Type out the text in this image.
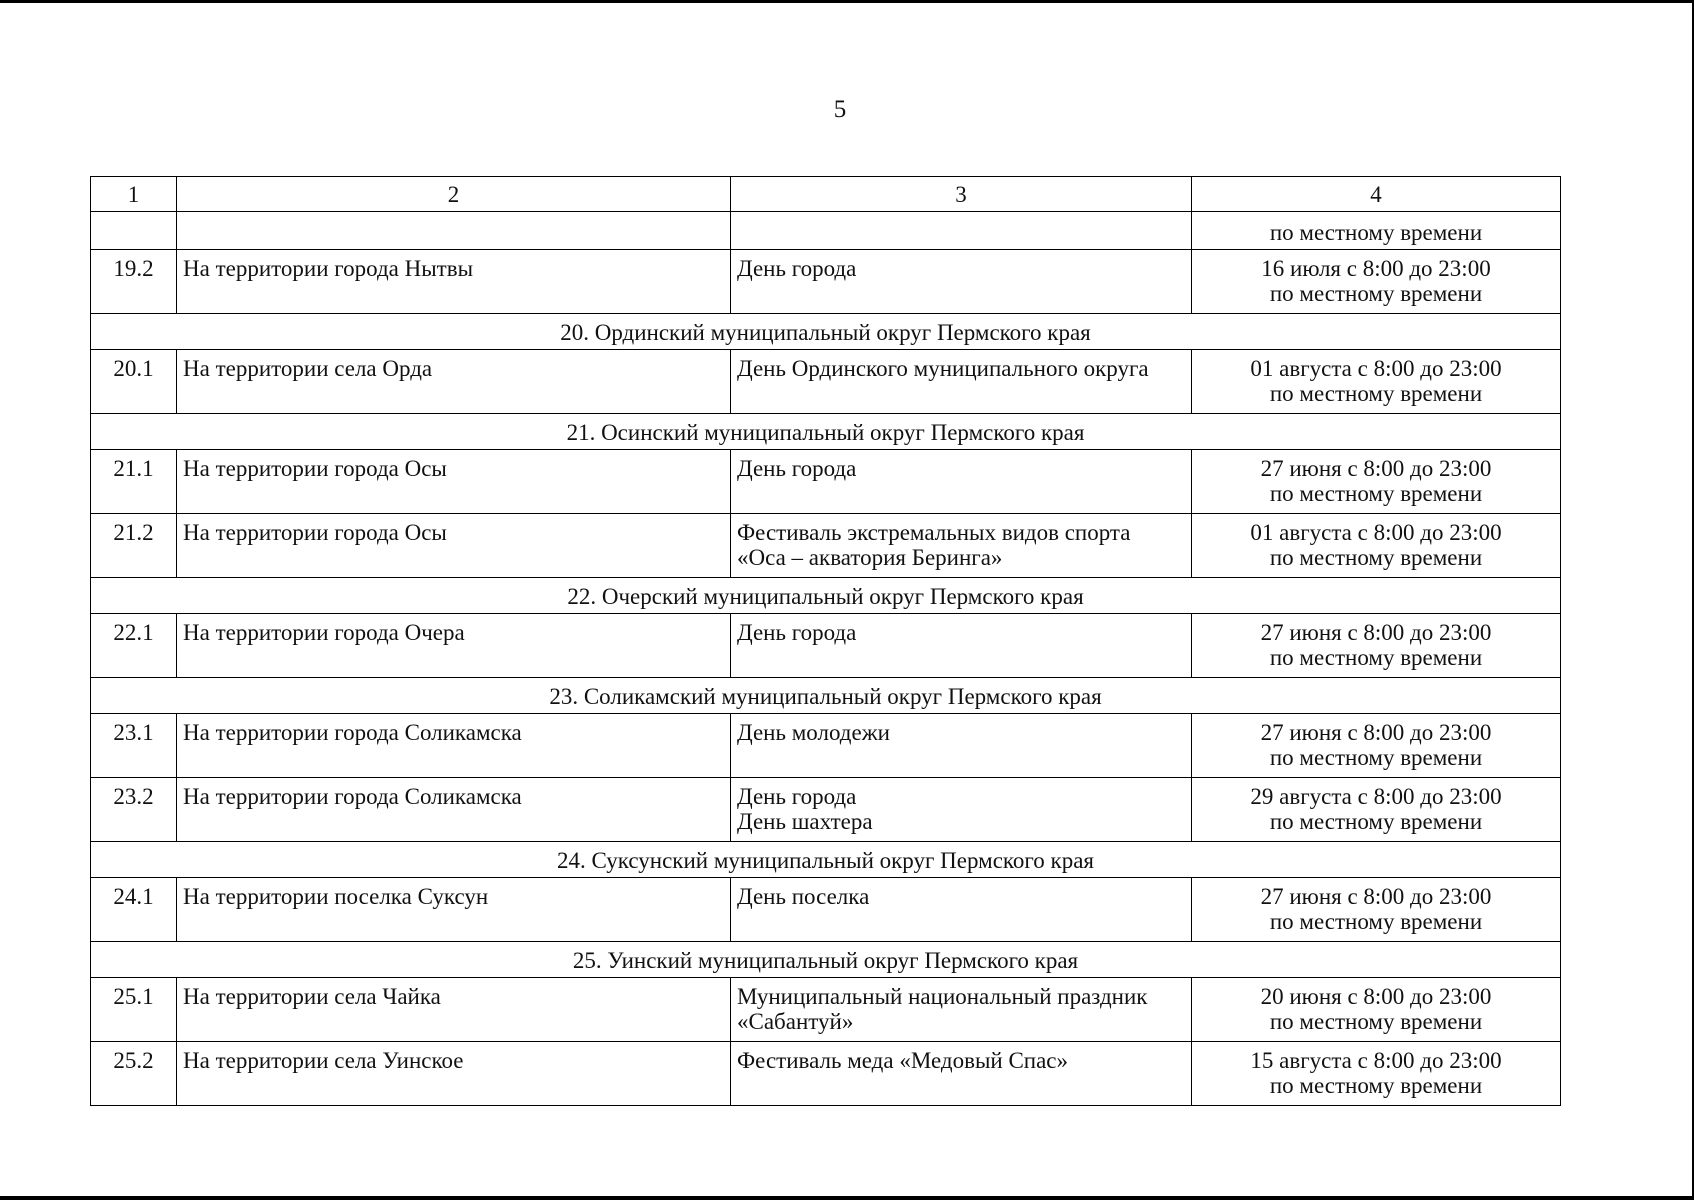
5
1	2	3	4
			по местному времени
19.2	На территории города Нытвы	День города	16 июля с 8:00 до 23:00
по местному времени

20. Ординский муниципальный округ Пермского края			
20.1	На территории села Орда	День Ординского муниципального округа	01 августа с 8:00 до 23:00
по местному времени

21. Осинский муниципальный округ Пермского края			
21.1	На территории города Осы	День города	27 июня с 8:00 до 23:00
по местному времени

21.2	На территории города Осы	Фестиваль экстремальных видов спорта
«Оса – акватория Беринга»	01 августа с 8:00 до 23:00
по местному времени

22. Очерский муниципальный округ Пермского края			
22.1	На территории города Очера	День города	27 июня с 8:00 до 23:00
по местному времени

23. Соликамский муниципальный округ Пермского края			
23.1	На территории города Соликамска	День молодежи	27 июня с 8:00 до 23:00
по местному времени

23.2	На территории города Соликамска	День города
День шахтера	29 августа с 8:00 до 23:00
по местному времени

24. Суксунский муниципальный округ Пермского края			
24.1	На территории поселка Суксун	День поселка	27 июня с 8:00 до 23:00
по местному времени

25. Уинский муниципальный округ Пермского края			
25.1	На территории села Чайка	Муниципальный национальный праздник
«Сабантуй»	20 июня с 8:00 до 23:00
по местному времени

25.2	На территории села Уинское	Фестиваль меда «Медовый Спас»	15 августа с 8:00 до 23:00
по местному времени
